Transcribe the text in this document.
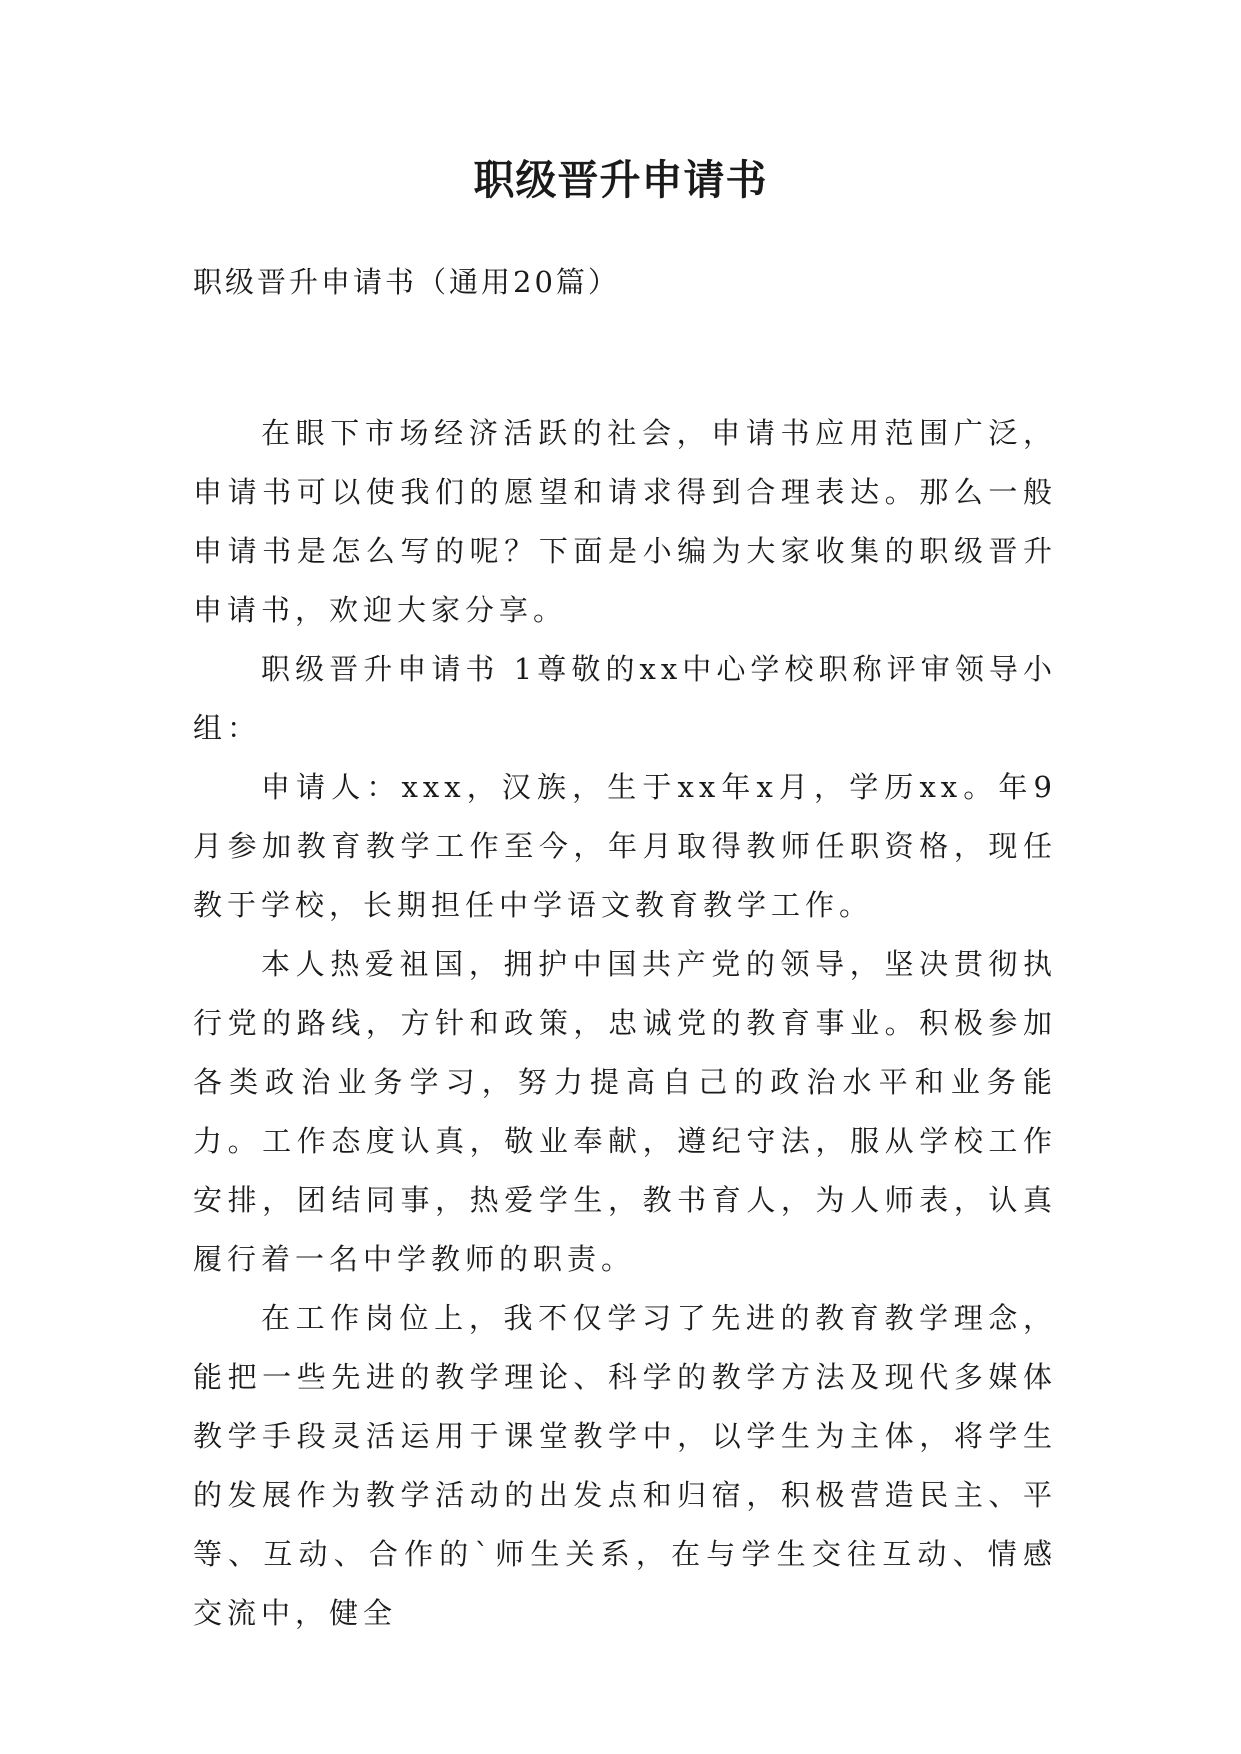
职级晋升申请书

职级晋升申请书（通用20篇）

在眼下市场经济活跃的社会，申请书应用范围广泛，申请书可以使我们的愿望和请求得到合理表达。那么一般申请书是怎么写的呢？下面是小编为大家收集的职级晋升申请书，欢迎大家分享。

职级晋升申请书 1尊敬的xx中心学校职称评审领导小组：

申请人：xxx，汉族，生于xx年x月，学历xx。年9月参加教育教学工作至今，年月取得教师任职资格，现任教于学校，长期担任中学语文教育教学工作。

本人热爱祖国，拥护中国共产党的领导，坚决贯彻执行党的路线，方针和政策，忠诚党的教育事业。积极参加各类政治业务学习，努力提高自己的政治水平和业务能力。工作态度认真，敬业奉献，遵纪守法，服从学校工作安排，团结同事，热爱学生，教书育人，为人师表，认真履行着一名中学教师的职责。

在工作岗位上，我不仅学习了先进的教育教学理念，能把一些先进的教学理论、科学的教学方法及现代多媒体教学手段灵活运用于课堂教学中，以学生为主体，将学生的发展作为教学活动的出发点和归宿，积极营造民主、平等、互动、合作的`师生关系，在与学生交往互动、情感交流中，健全
